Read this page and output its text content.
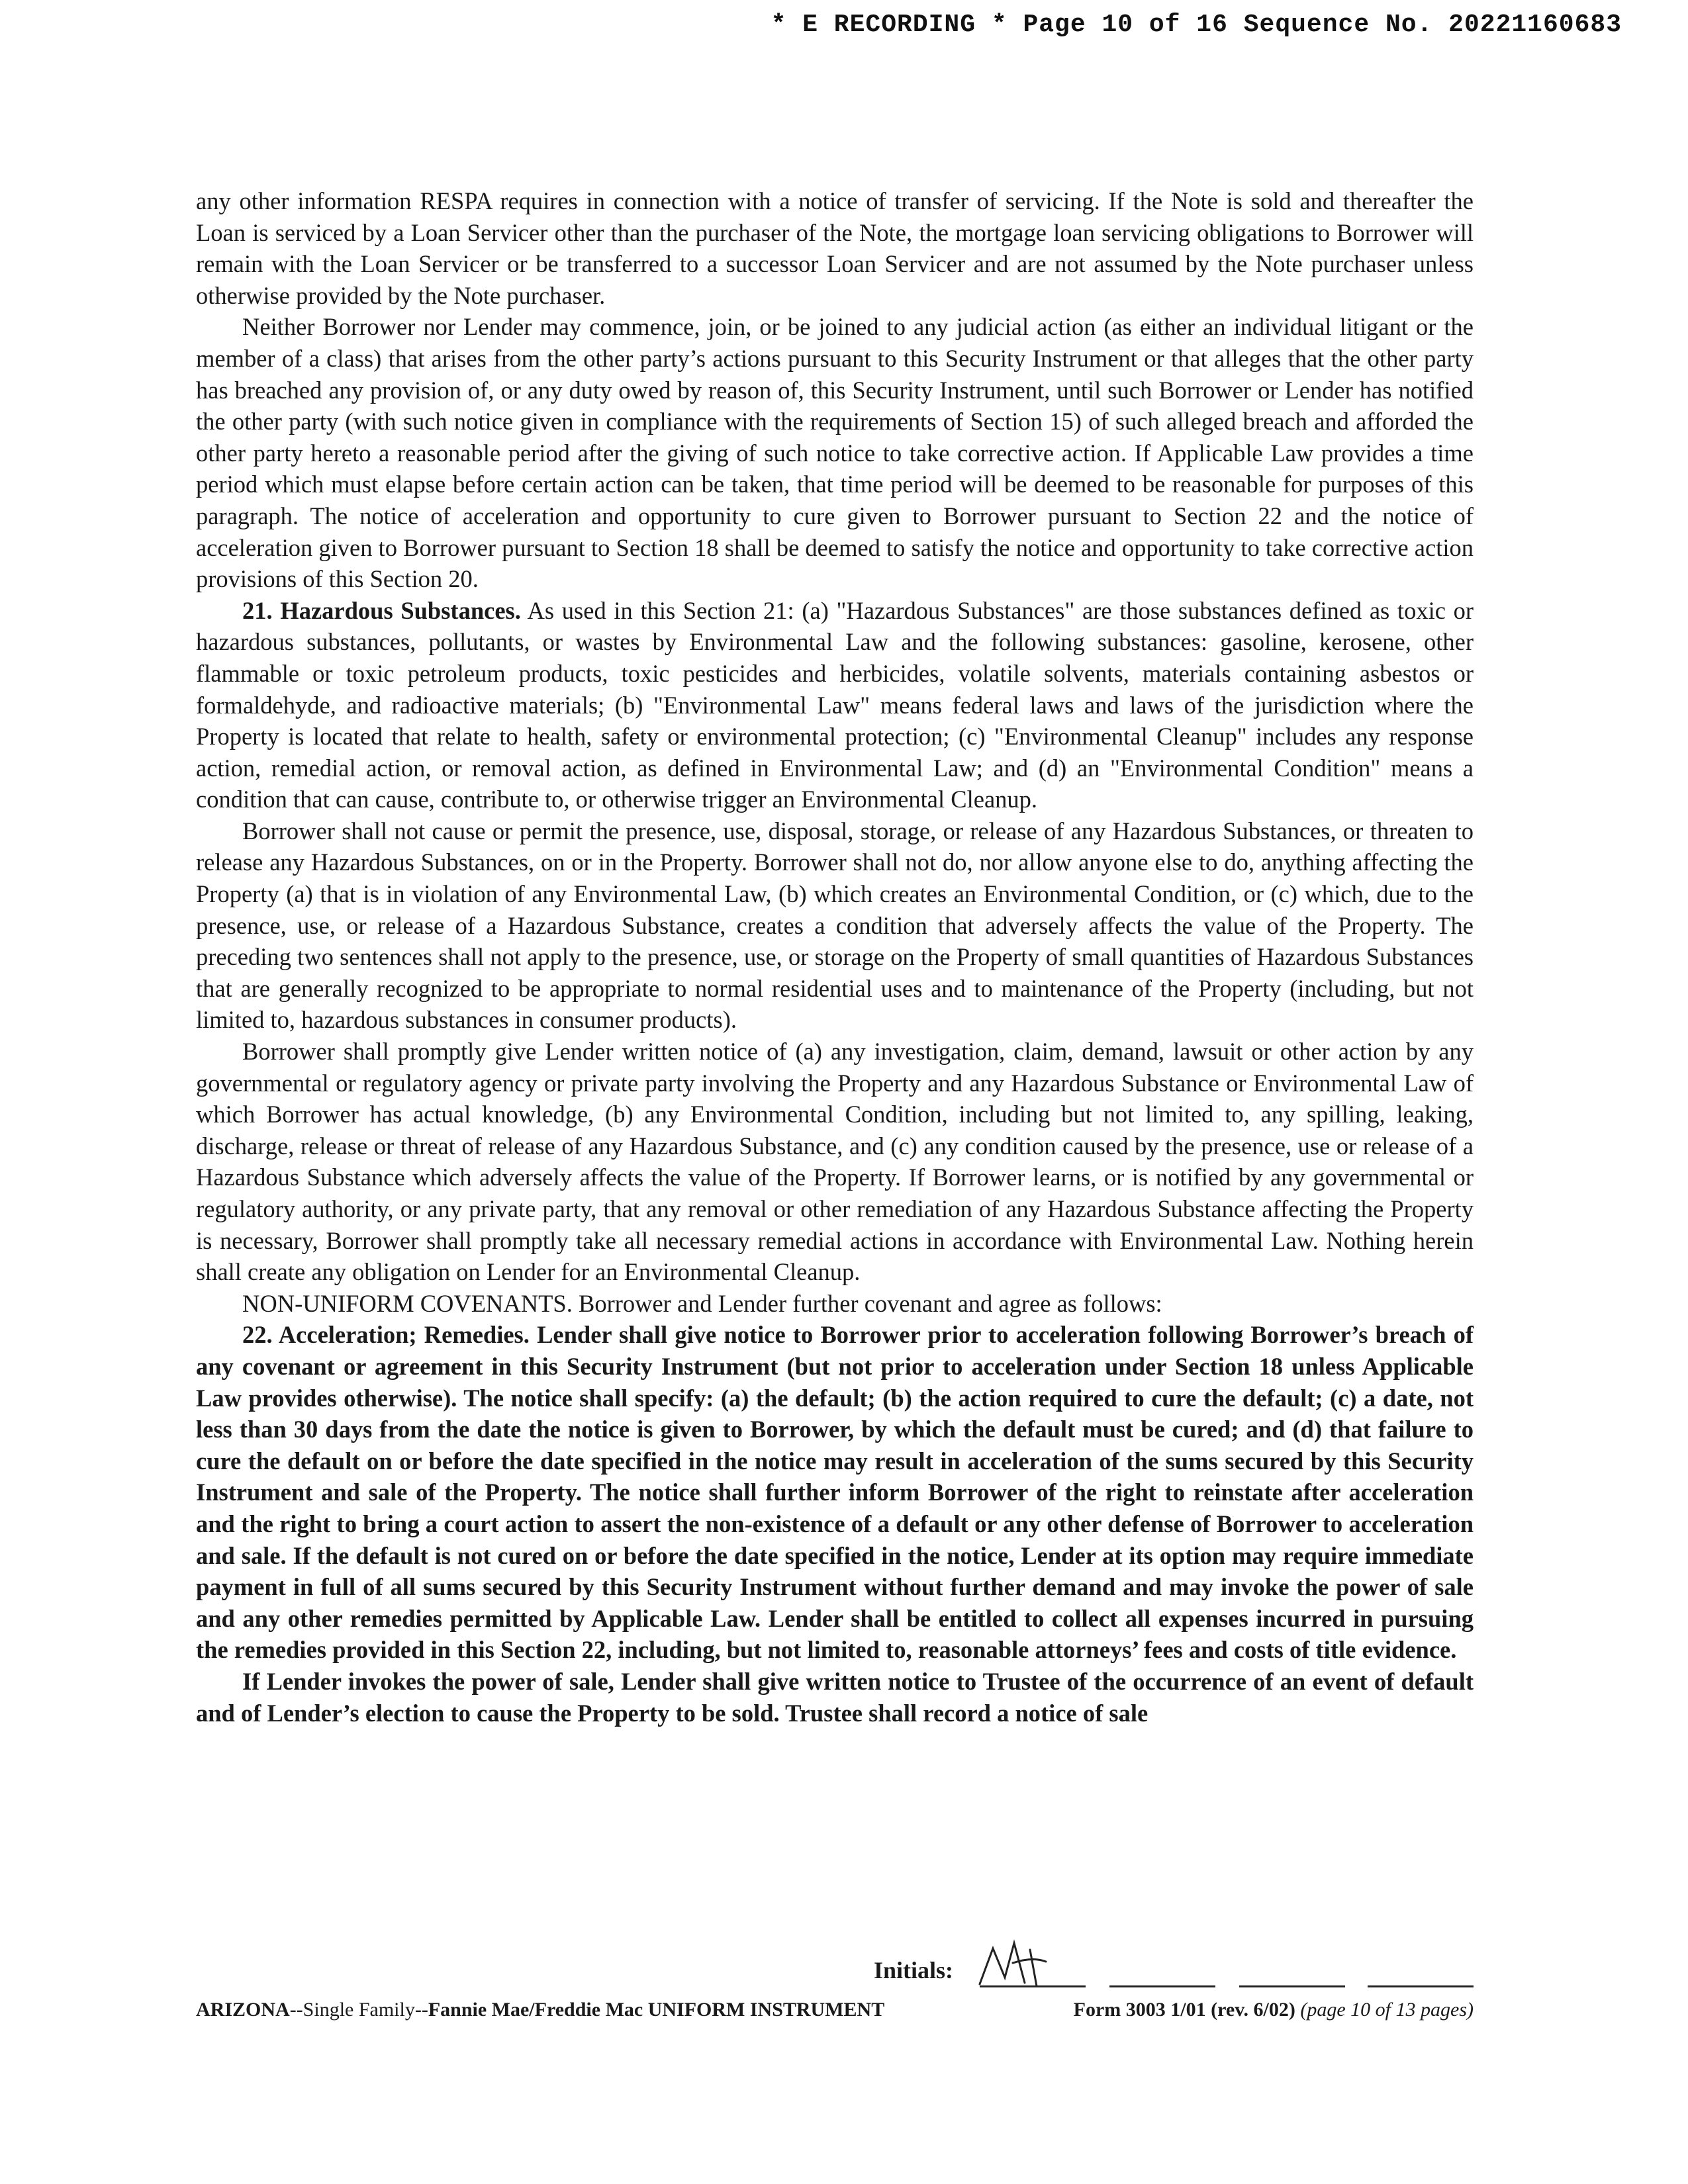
* E RECORDING * Page 10 of 16 Sequence No. 20221160683

any other information RESPA requires in connection with a notice of transfer of servicing. If the Note is sold and thereafter the Loan is serviced by a Loan Servicer other than the purchaser of the Note, the mortgage loan servicing obligations to Borrower will remain with the Loan Servicer or be transferred to a successor Loan Servicer and are not assumed by the Note purchaser unless otherwise provided by the Note purchaser.

Neither Borrower nor Lender may commence, join, or be joined to any judicial action (as either an individual litigant or the member of a class) that arises from the other party’s actions pursuant to this Security Instrument or that alleges that the other party has breached any provision of, or any duty owed by reason of, this Security Instrument, until such Borrower or Lender has notified the other party (with such notice given in compliance with the requirements of Section 15) of such alleged breach and afforded the other party hereto a reasonable period after the giving of such notice to take corrective action. If Applicable Law provides a time period which must elapse before certain action can be taken, that time period will be deemed to be reasonable for purposes of this paragraph. The notice of acceleration and opportunity to cure given to Borrower pursuant to Section 22 and the notice of acceleration given to Borrower pursuant to Section 18 shall be deemed to satisfy the notice and opportunity to take corrective action provisions of this Section 20.

21. Hazardous Substances. As used in this Section 21: (a) "Hazardous Substances" are those substances defined as toxic or hazardous substances, pollutants, or wastes by Environmental Law and the following substances: gasoline, kerosene, other flammable or toxic petroleum products, toxic pesticides and herbicides, volatile solvents, materials containing asbestos or formaldehyde, and radioactive materials; (b) "Environmental Law" means federal laws and laws of the jurisdiction where the Property is located that relate to health, safety or environmental protection; (c) "Environmental Cleanup" includes any response action, remedial action, or removal action, as defined in Environmental Law; and (d) an "Environmental Condition" means a condition that can cause, contribute to, or otherwise trigger an Environmental Cleanup.

Borrower shall not cause or permit the presence, use, disposal, storage, or release of any Hazardous Substances, or threaten to release any Hazardous Substances, on or in the Property. Borrower shall not do, nor allow anyone else to do, anything affecting the Property (a) that is in violation of any Environmental Law, (b) which creates an Environmental Condition, or (c) which, due to the presence, use, or release of a Hazardous Substance, creates a condition that adversely affects the value of the Property. The preceding two sentences shall not apply to the presence, use, or storage on the Property of small quantities of Hazardous Substances that are generally recognized to be appropriate to normal residential uses and to maintenance of the Property (including, but not limited to, hazardous substances in consumer products).

Borrower shall promptly give Lender written notice of (a) any investigation, claim, demand, lawsuit or other action by any governmental or regulatory agency or private party involving the Property and any Hazardous Substance or Environmental Law of which Borrower has actual knowledge, (b) any Environmental Condition, including but not limited to, any spilling, leaking, discharge, release or threat of release of any Hazardous Substance, and (c) any condition caused by the presence, use or release of a Hazardous Substance which adversely affects the value of the Property. If Borrower learns, or is notified by any governmental or regulatory authority, or any private party, that any removal or other remediation of any Hazardous Substance affecting the Property is necessary, Borrower shall promptly take all necessary remedial actions in accordance with Environmental Law. Nothing herein shall create any obligation on Lender for an Environmental Cleanup.

NON-UNIFORM COVENANTS. Borrower and Lender further covenant and agree as follows:

22. Acceleration; Remedies. Lender shall give notice to Borrower prior to acceleration following Borrower’s breach of any covenant or agreement in this Security Instrument (but not prior to acceleration under Section 18 unless Applicable Law provides otherwise). The notice shall specify: (a) the default; (b) the action required to cure the default; (c) a date, not less than 30 days from the date the notice is given to Borrower, by which the default must be cured; and (d) that failure to cure the default on or before the date specified in the notice may result in acceleration of the sums secured by this Security Instrument and sale of the Property. The notice shall further inform Borrower of the right to reinstate after acceleration and the right to bring a court action to assert the non-existence of a default or any other defense of Borrower to acceleration and sale. If the default is not cured on or before the date specified in the notice, Lender at its option may require immediate payment in full of all sums secured by this Security Instrument without further demand and may invoke the power of sale and any other remedies permitted by Applicable Law. Lender shall be entitled to collect all expenses incurred in pursuing the remedies provided in this Section 22, including, but not limited to, reasonable attorneys’ fees and costs of title evidence.

If Lender invokes the power of sale, Lender shall give written notice to Trustee of the occurrence of an event of default and of Lender’s election to cause the Property to be sold. Trustee shall record a notice of sale

Initials:
ARIZONA--Single Family--Fannie Mae/Freddie Mac UNIFORM INSTRUMENT	Form 3003 1/01 (rev. 6/02) (page 10 of 13 pages)
